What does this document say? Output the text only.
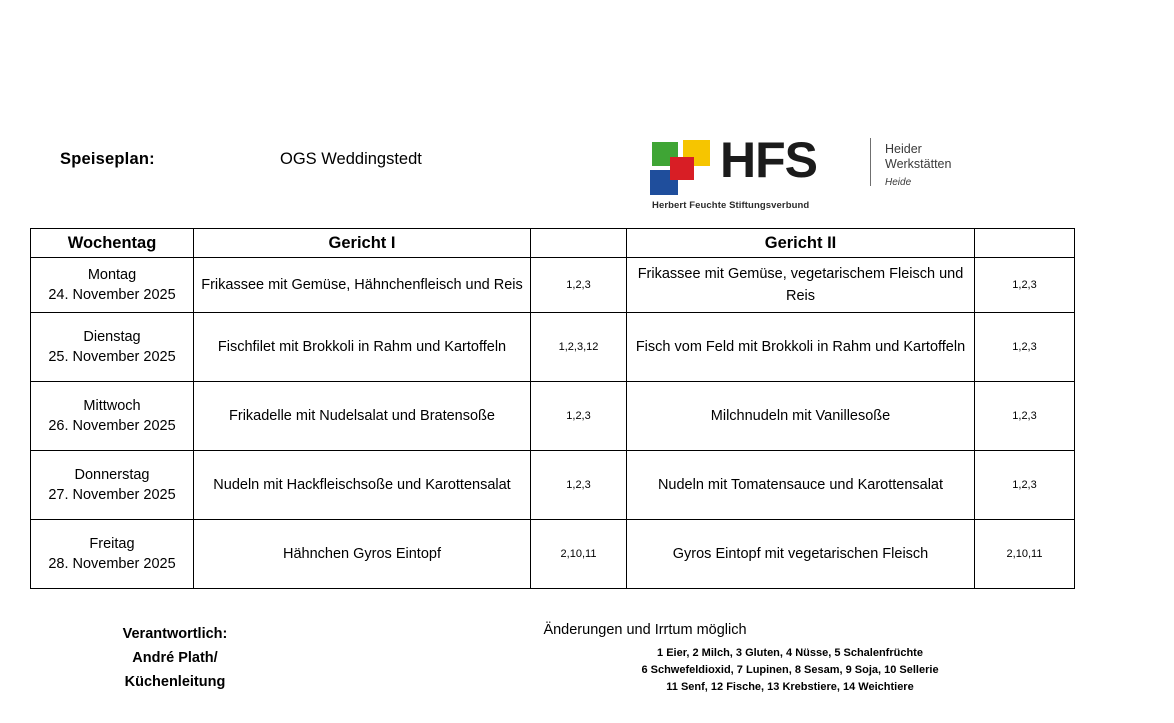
Speiseplan:	OGS Weddingstedt	HFS	Heider
Werkstätten
Heide
Herbert Feuchte Stiftungsverbund
Wochentag	Gericht I		Gericht II	
Montag
24. November 2025	Frikassee mit Gemüse, Hähnchenfleisch und Reis	1,2,3	Frikassee mit Gemüse, vegetarischem Fleisch und Reis	1,2,3
Dienstag
25. November 2025	Fischfilet mit Brokkoli in Rahm und Kartoffeln	1,2,3,12	Fisch vom Feld mit Brokkoli in Rahm und Kartoffeln	1,2,3
Mittwoch
26. November 2025	Frikadelle mit Nudelsalat und Bratensoße	1,2,3	Milchnudeln mit Vanillesoße	1,2,3
Donnerstag
27. November 2025	Nudeln mit Hackfleischsoße und Karottensalat	1,2,3	Nudeln mit Tomatensauce und Karottensalat	1,2,3
Freitag
28. November 2025	Hähnchen Gyros Eintopf	2,10,11	Gyros Eintopf mit vegetarischen Fleisch	2,10,11
Verantwortlich:
André Plath/
Küchenleitung
Änderungen und Irrtum möglich
1 Eier, 2 Milch, 3 Gluten, 4 Nüsse, 5 Schalenfrüchte
6 Schwefeldioxid, 7 Lupinen, 8 Sesam, 9 Soja, 10 Sellerie
11 Senf, 12 Fische, 13 Krebstiere, 14 Weichtiere
